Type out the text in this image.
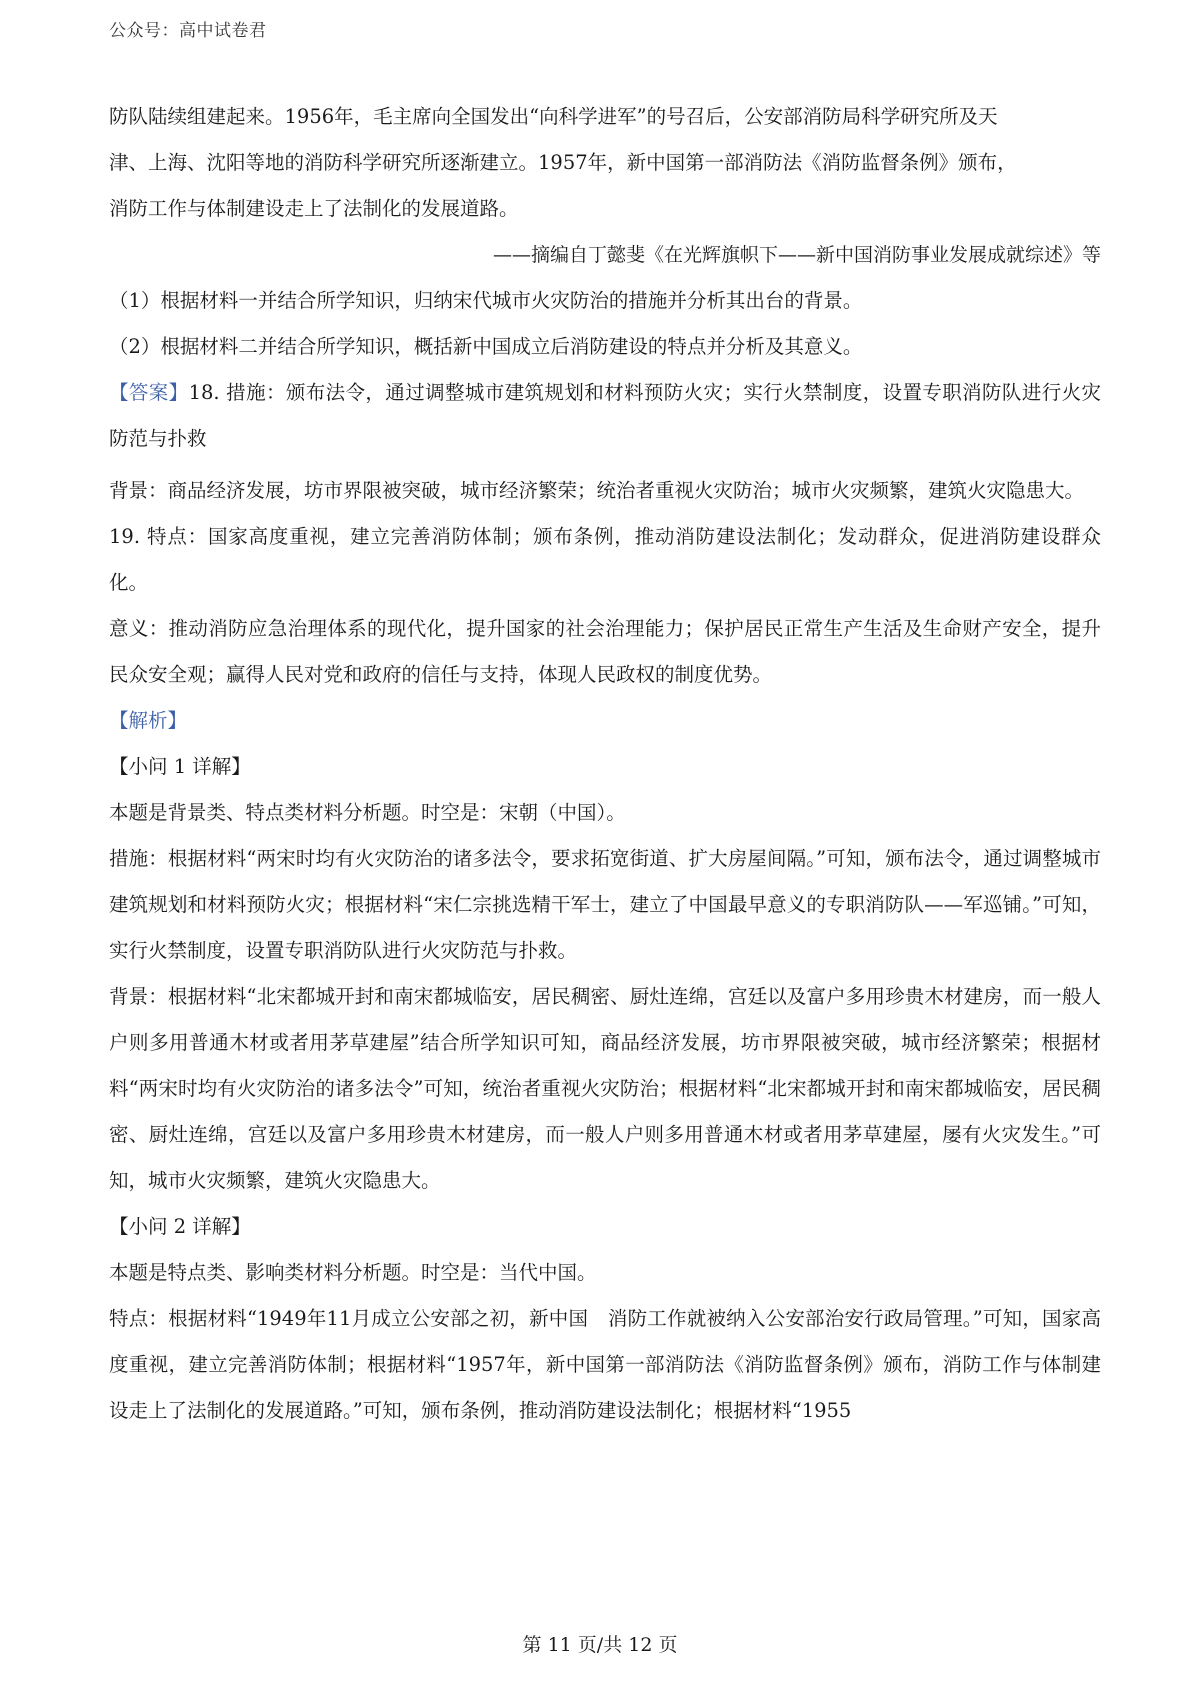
公众号：高中试卷君

防队陆续组建起来。1956年，毛主席向全国发出“向科学进军”的号召后，公安部消防局科学研究所及天

津、上海、沈阳等地的消防科学研究所逐渐建立。1957年，新中国第一部消防法《消防监督条例》颁布，

消防工作与体制建设走上了法制化的发展道路。

——摘编自丁懿斐《在光辉旗帜下——新中国消防事业发展成就综述》等

（1）根据材料一并结合所学知识，归纳宋代城市火灾防治的措施并分析其出台的背景。

（2）根据材料二并结合所学知识，概括新中国成立后消防建设的特点并分析及其意义。

【答案】18. 措施：颁布法令，通过调整城市建筑规划和材料预防火灾；实行火禁制度，设置专职消防队进行火灾防范与扑救

背景：商品经济发展，坊市界限被突破，城市经济繁荣；统治者重视火灾防治；城市火灾频繁，建筑火灾隐患大。

19. 特点：国家高度重视，建立完善消防体制；颁布条例，推动消防建设法制化；发动群众，促进消防建设群众化。

意义：推动消防应急治理体系的现代化，提升国家的社会治理能力；保护居民正常生产生活及生命财产安全，提升民众安全观；赢得人民对党和政府的信任与支持，体现人民政权的制度优势。

【解析】

【小问 1 详解】

本题是背景类、特点类材料分析题。时空是：宋朝（中国）。

措施：根据材料“两宋时均有火灾防治的诸多法令，要求拓宽街道、扩大房屋间隔。”可知，颁布法令，通过调整城市建筑规划和材料预防火灾；根据材料“宋仁宗挑选精干军士，建立了中国最早意义的专职消防队——军巡铺。”可知，实行火禁制度，设置专职消防队进行火灾防范与扑救。

背景：根据材料“北宋都城开封和南宋都城临安，居民稠密、厨灶连绵，宫廷以及富户多用珍贵木材建房，而一般人户则多用普通木材或者用茅草建屋”结合所学知识可知，商品经济发展，坊市界限被突破，城市经济繁荣；根据材料“两宋时均有火灾防治的诸多法令”可知，统治者重视火灾防治；根据材料“北宋都城开封和南宋都城临安，居民稠密、厨灶连绵，宫廷以及富户多用珍贵木材建房，而一般人户则多用普通木材或者用茅草建屋，屡有火灾发生。”可知，城市火灾频繁，建筑火灾隐患大。

【小问 2 详解】

本题是特点类、影响类材料分析题。时空是：当代中国。

特点：根据材料“1949年11月成立公安部之初，新中国　消防工作就被纳入公安部治安行政局管理。”可知，国家高度重视，建立完善消防体制；根据材料“1957年，新中国第一部消防法《消防监督条例》颁布，消防工作与体制建设走上了法制化的发展道路。”可知，颁布条例，推动消防建设法制化；根据材料“1955

第 11 页/共 12 页
